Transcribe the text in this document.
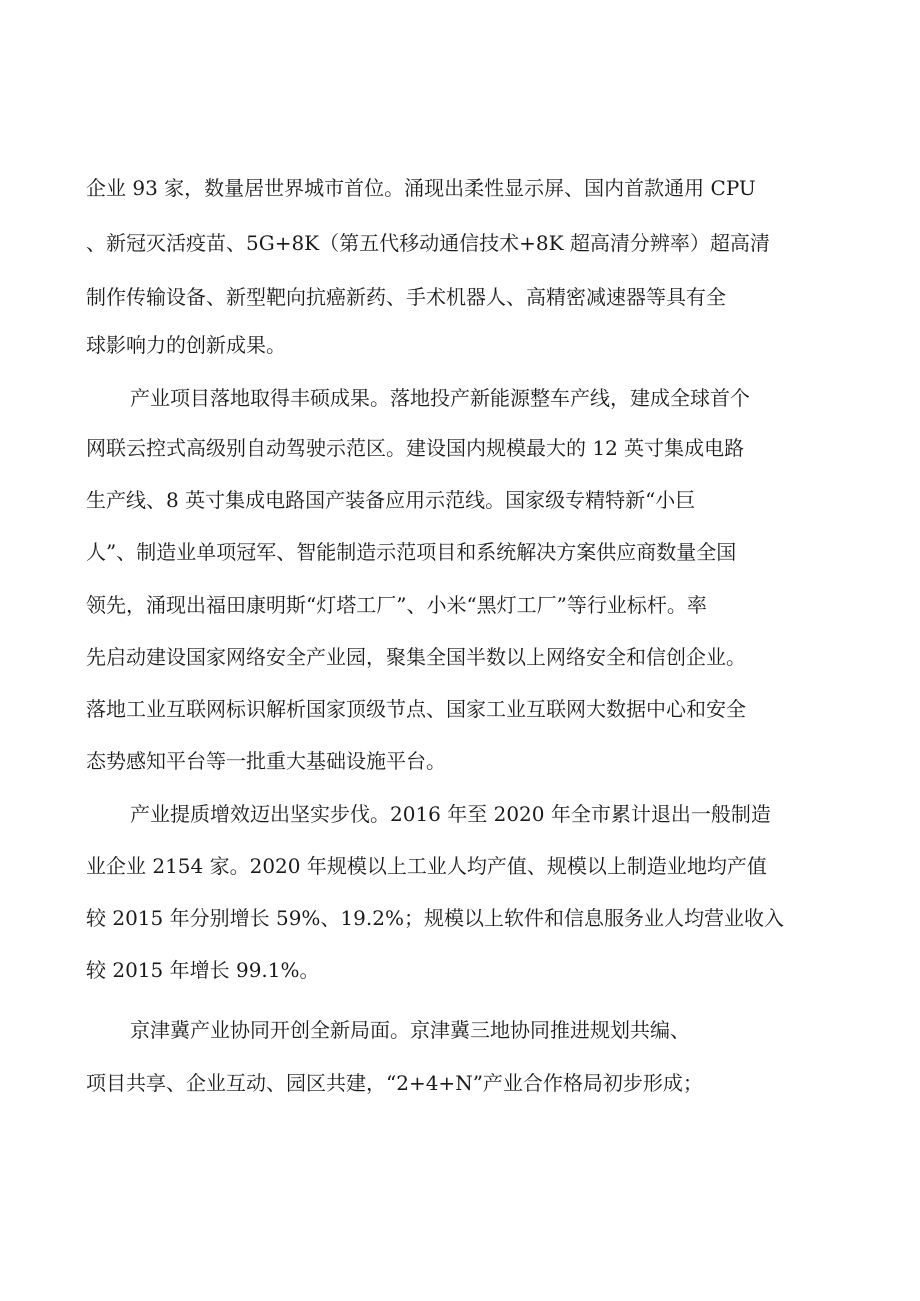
企业 93 家，数量居世界城市首位。涌现出柔性显示屏、国内首款通用 CPU
、新冠灭活疫苗、5G+8K（第五代移动通信技术+8K 超高清分辨率）超高清
制作传输设备、新型靶向抗癌新药、手术机器人、高精密减速器等具有全
球影响力的创新成果。
产业项目落地取得丰硕成果。落地投产新能源整车产线，建成全球首个
网联云控式高级别自动驾驶示范区。建设国内规模最大的 12 英寸集成电路
生产线、8 英寸集成电路国产装备应用示范线。国家级专精特新“小巨
人”、制造业单项冠军、智能制造示范项目和系统解决方案供应商数量全国
领先，涌现出福田康明斯“灯塔工厂”、小米“黑灯工厂”等行业标杆。率
先启动建设国家网络安全产业园，聚集全国半数以上网络安全和信创企业。
落地工业互联网标识解析国家顶级节点、国家工业互联网大数据中心和安全
态势感知平台等一批重大基础设施平台。
产业提质增效迈出坚实步伐。2016 年至 2020 年全市累计退出一般制造
业企业 2154 家。2020 年规模以上工业人均产值、规模以上制造业地均产值
较 2015 年分别增长 59%、19.2%；规模以上软件和信息服务业人均营业收入
较 2015 年增长 99.1%。
京津冀产业协同开创全新局面。京津冀三地协同推进规划共编、
项目共享、企业互动、园区共建，“2+4+N”产业合作格局初步形成；
